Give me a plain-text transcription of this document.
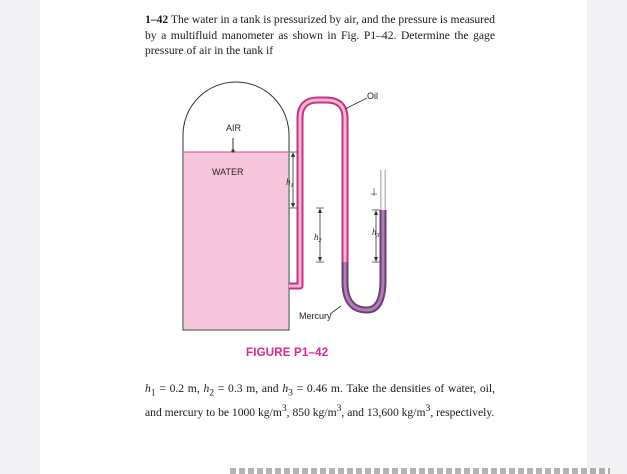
1–42 The water in a tank is pressurized by air, and the pressure is measured by a multifluid manometer as shown in Fig. P1–42. Determine the gage pressure of air in the tank if

AIR
WATER
Oil
Mercury
$h_1$
$h_2$
$h_3$
FIGURE P1–42

$h_1 = 0.2$ m, $h_2 = 0.3$ m, and $h_3 = 0.46$ m. Take the densities of water, oil, and mercury to be 1000 $kg/m^3$, 850 $kg/m^3$, and 13,600 $kg/m^3$, respectively.
